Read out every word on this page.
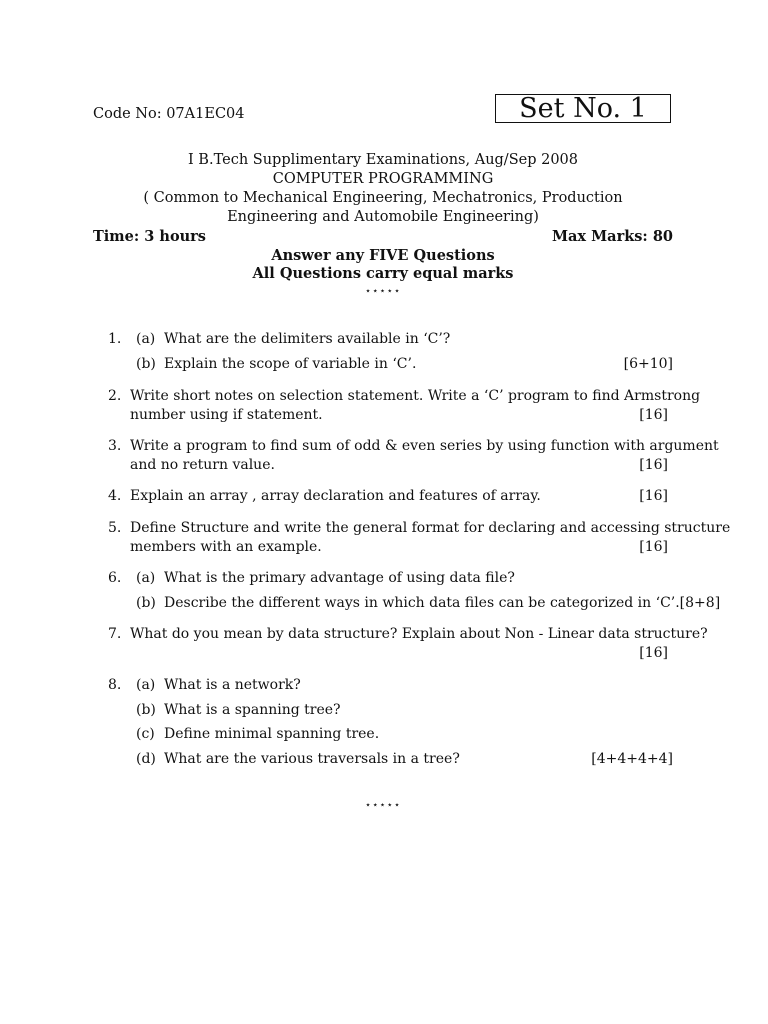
Code No: 07A1EC04	Set No. 1
I B.Tech Supplimentary Examinations, Aug/Sep 2008
COMPUTER PROGRAMMING
( Common to Mechanical Engineering, Mechatronics, Production
Engineering and Automobile Engineering)
Time: 3 hours	Max Marks: 80
Answer any FIVE Questions
All Questions carry equal marks
⋆⋆⋆⋆⋆
1. (a) What are the delimiters available in ‘C’?
(b) Explain the scope of variable in ‘C’.	[6+10]
2. Write short notes on selection statement. Write a ‘C’ program to find Armstrong
number using if statement.	[16]
3. Write a program to find sum of odd & even series by using function with argument
and no return value.	[16]
4. Explain an array , array declaration and features of array.	[16]
5. Define Structure and write the general format for declaring and accessing structure
members with an example.	[16]
6. (a) What is the primary advantage of using data file?
(b) Describe the different ways in which data files can be categorized in ‘C’.[8+8]
7. What do you mean by data structure? Explain about Non - Linear data structure?
[16]
8. (a) What is a network?
(b) What is a spanning tree?
(c) Define minimal spanning tree.
(d) What are the various traversals in a tree?	[4+4+4+4]
⋆⋆⋆⋆⋆
